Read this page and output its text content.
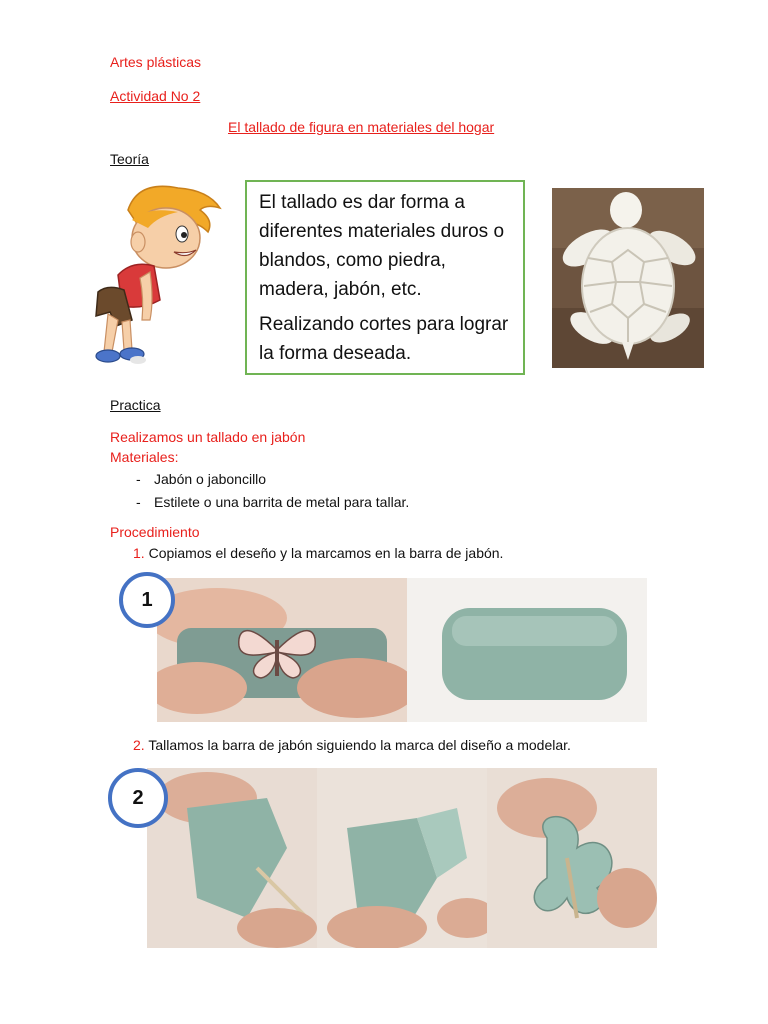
Artes plásticas
Actividad No 2
El tallado de figura en materiales del hogar
Teoría

El tallado es dar forma a diferentes materiales duros o blandos, como piedra, madera, jabón, etc.

Realizando cortes para lograr la forma deseada.

Practica
Realizamos un tallado en jabón
Materiales:
- Jabón o jaboncillo
- Estilete o una barrita de metal para tallar.
Procedimiento
1. Copiamos el deseño y la marcamos en la barra de jabón.
1
2. Tallamos la barra de jabón siguiendo la marca del diseño a modelar.
2
